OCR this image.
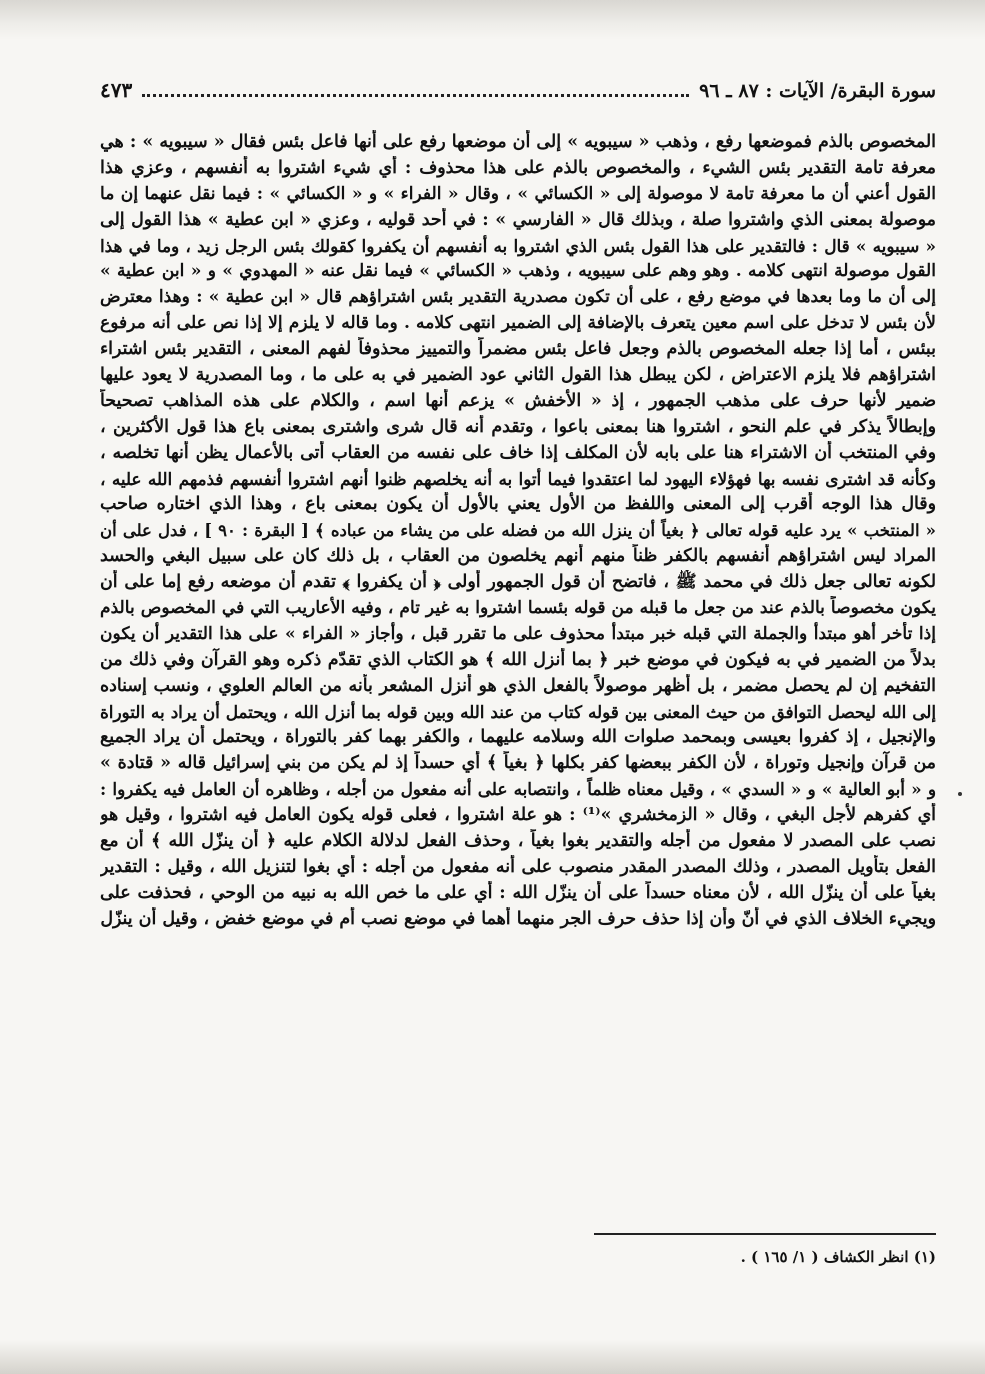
سورة البقرة/ الآيات : ٨٧ ـ ٩٦
٤٧٣
المخصوص بالذم فموضعها رفع ، وذهب « سيبويه » إلى أن موضعها رفع على أنها فاعل بئس فقال « سيبويه » : هي
معرفة تامة التقدير بئس الشيء ، والمخصوص بالذم على هذا محذوف : أي شيء اشتروا به أنفسهم ، وعزي هذا
القول أعني أن ما معرفة تامة لا موصولة إلى « الكسائي » ، وقال « الفراء » و « الكسائي » : فيما نقل عنهما إن ما
موصولة بمعنى الذي واشتروا صلة ، وبذلك قال « الفارسي » : في أحد قوليه ، وعزي « ابن عطية » هذا القول إلى
« سيبويه » قال : فالتقدير على هذا القول بئس الذي اشتروا به أنفسهم أن يكفروا كقولك بئس الرجل زيد ، وما في هذا
القول موصولة انتهى كلامه . وهو وهم على سيبويه ، وذهب « الكسائي » فيما نقل عنه « المهدوي » و « ابن عطية »
إلى أن ما وما بعدها في موضع رفع ، على أن تكون مصدرية التقدير بئس اشتراؤهم قال « ابن عطية » : وهذا معترض
لأن بئس لا تدخل على اسم معين يتعرف بالإضافة إلى الضمير انتهى كلامه . وما قاله لا يلزم إلا إذا نص على أنه مرفوع
ببئس ، أما إذا جعله المخصوص بالذم وجعل فاعل بئس مضمراً والتمييز محذوفاً لفهم المعنى ، التقدير بئس اشتراء
اشتراؤهم فلا يلزم الاعتراض ، لكن يبطل هذا القول الثاني عود الضمير في به على ما ، وما المصدرية لا يعود عليها
ضمير لأنها حرف على مذهب الجمهور ، إذ « الأخفش » يزعم أنها اسم ، والكلام على هذه المذاهب تصحيحاً
وإبطالاً يذكر في علم النحو ، اشتروا هنا بمعنى باعوا ، وتقدم أنه قال شرى واشترى بمعنى باع هذا قول الأكثرين ،
وفي المنتخب أن الاشتراء هنا على بابه لأن المكلف إذا خاف على نفسه من العقاب أتى بالأعمال يظن أنها تخلصه ،
وكأنه قد اشترى نفسه بها فهؤلاء اليهود لما اعتقدوا فيما أتوا به أنه يخلصهم ظنوا أنهم اشتروا أنفسهم فذمهم الله عليه ،
وقال هذا الوجه أقرب إلى المعنى واللفظ من الأول يعني بالأول أن يكون بمعنى باع ، وهذا الذي اختاره صاحب
« المنتخب » يرد عليه قوله تعالى ﴿ بغياً أن ينزل الله من فضله على من يشاء من عباده ﴾ [ البقرة : ٩٠ ] ، فدل على أن
المراد ليس اشتراؤهم أنفسهم بالكفر ظناً منهم أنهم يخلصون من العقاب ، بل ذلك كان على سبيل البغي والحسد
لكونه تعالى جعل ذلك في محمد ﷺ ، فاتضح أن قول الجمهور أولى ﴿ أن يكفروا ﴾ تقدم أن موضعه رفع إما على أن
يكون مخصوصاً بالذم عند من جعل ما قبله من قوله بئسما اشتروا به غير تام ، وفيه الأعاريب التي في المخصوص بالذم
إذا تأخر أهو مبتدأ والجملة التي قبله خبر مبتدأ محذوف على ما تقرر قبل ، وأجاز « الفراء » على هذا التقدير أن يكون
بدلاً من الضمير في به فيكون في موضع خبر ﴿ بما أنزل الله ﴾ هو الكتاب الذي تقدّم ذكره وهو القرآن وفي ذلك من
التفخيم إن لم يحصل مضمر ، بل أظهر موصولاً بالفعل الذي هو أنزل المشعر بأنه من العالم العلوي ، ونسب إسناده
إلى الله ليحصل التوافق من حيث المعنى بين قوله كتاب من عند الله وبين قوله بما أنزل الله ، ويحتمل أن يراد به التوراة
والإنجيل ، إذ كفروا بعيسى وبمحمد صلوات الله وسلامه عليهما ، والكفر بهما كفر بالتوراة ، ويحتمل أن يراد الجميع
من قرآن وإنجيل وتوراة ، لأن الكفر ببعضها كفر بكلها ﴿ بغياً ﴾ أي حسداً إذ لم يكن من بني إسرائيل قاله « قتادة »
و « أبو العالية » و « السدي » ، وقيل معناه ظلماً ، وانتصابه على أنه مفعول من أجله ، وظاهره أن العامل فيه يكفروا :
أي كفرهم لأجل البغي ، وقال « الزمخشري »⁽¹⁾ : هو علة اشتروا ، فعلى قوله يكون العامل فيه اشتروا ، وقيل هو
نصب على المصدر لا مفعول من أجله والتقدير بغوا بغياً ، وحذف الفعل لدلالة الكلام عليه ﴿ أن ينزّل الله ﴾ أن مع
الفعل بتأويل المصدر ، وذلك المصدر المقدر منصوب على أنه مفعول من أجله : أي بغوا لتنزيل الله ، وقيل : التقدير
بغياً على أن ينزّل الله ، لأن معناه حسداً على أن ينزّل الله : أي على ما خص الله به نبيه من الوحي ، فحذفت على
ويجيء الخلاف الذي في أنّ وأن إذا حذف حرف الجر منهما أهما في موضع نصب أم في موضع خفض ، وقيل أن ينزّل
(١) انظر الكشاف ( ١/ ١٦٥ ) .
